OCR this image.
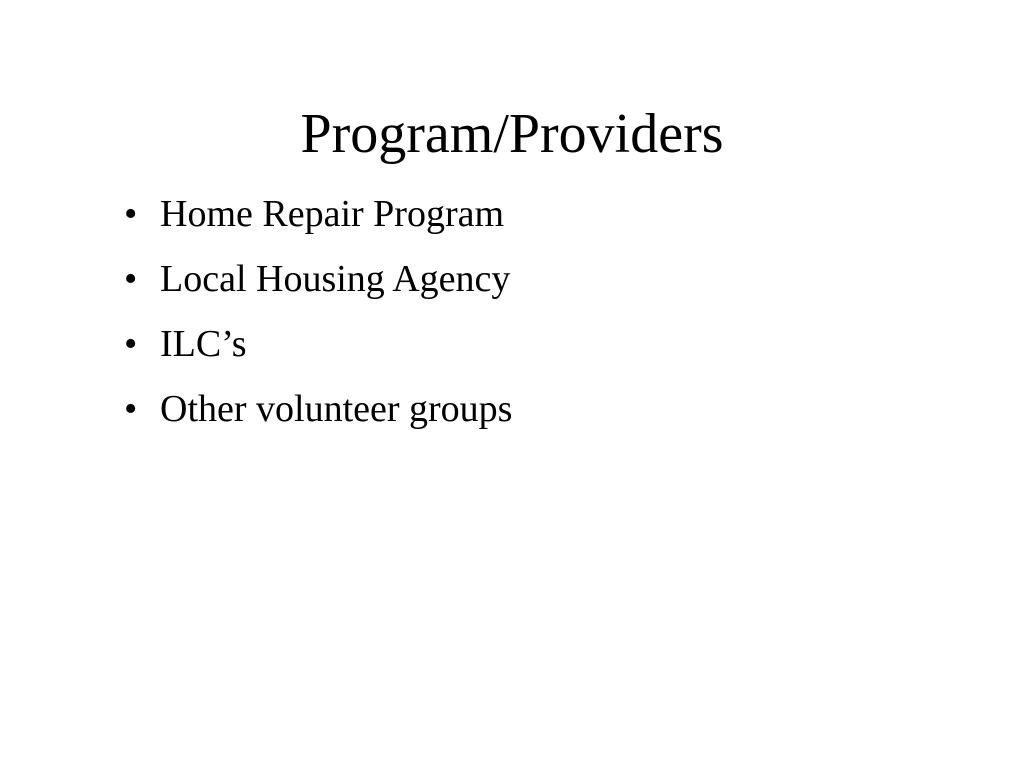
Program/Providers
• Home Repair Program
• Local Housing Agency
• ILC’s
• Other volunteer groups
